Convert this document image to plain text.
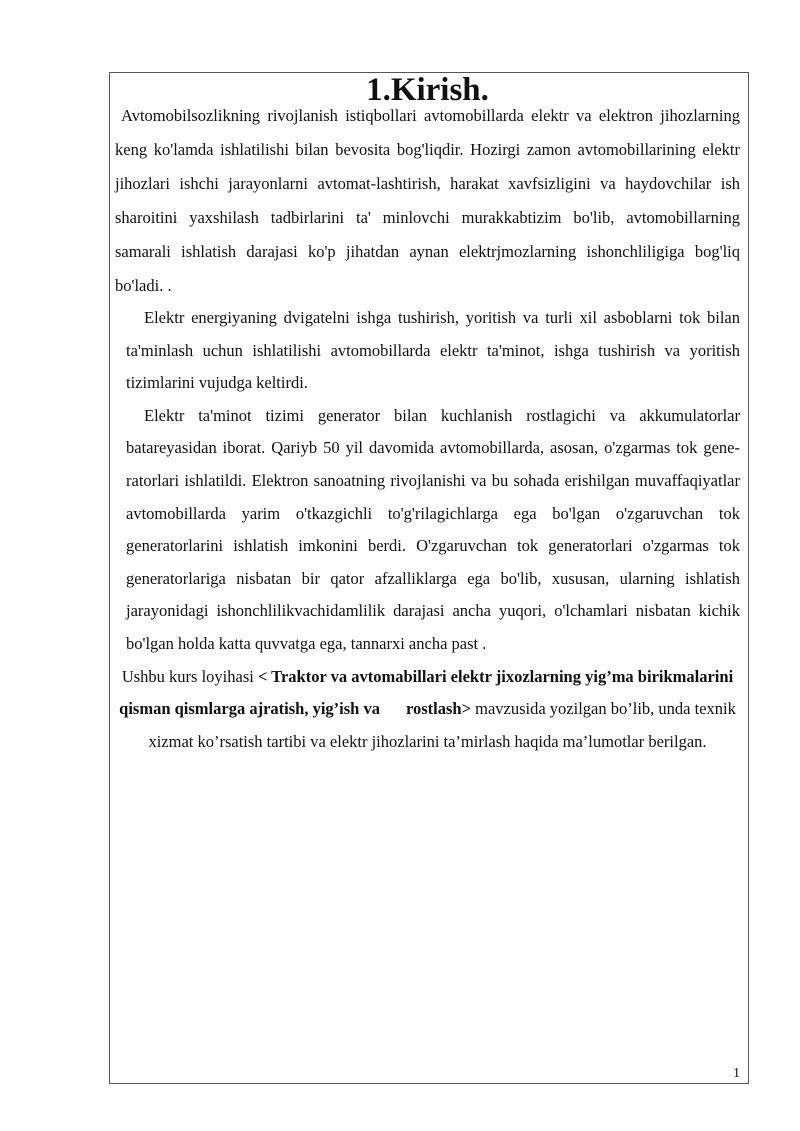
1.Kirish.

Avtomobilsozlikning rivojlanish istiqbollari avtomobillarda elektr va elektron jihozlarning keng ko'lamda ishlatilishi bilan bevosita bog'liqdir. Hozirgi zamon avtomobillarining elektr jihozlari ishchi jarayonlarni avtomat-lashtirish, harakat xavfsizligini va haydovchilar ish sharoitini yaxshilash tadbirlarini ta' minlovchi murakkabtizim bo'lib, avtomobillarning samarali ishlatish darajasi ko'p jihatdan aynan elektrjmozlarning ishonchliligiga bog'liq bo'ladi. .

Elektr energiyaning dvigatelni ishga tushirish, yoritish va turli xil asboblarni tok bilan ta'minlash uchun ishlatilishi avtomobillarda elektr ta'minot, ishga tushirish va yoritish tizimlarini vujudga keltirdi.

Elektr ta'minot tizimi generator bilan kuchlanish rostlagichi va akkumulatorlar batareyasidan iborat. Qariyb 50 yil davomida avtomobillarda, asosan, o'zgarmas tok gene-ratorlari ishlatildi. Elektron sanoatning rivojlanishi va bu sohada erishilgan muvaffaqiyatlar avtomobillarda yarim o'tkazgichli to'g'rilagichlarga ega bo'lgan o'zgaruvchan tok generatorlarini ishlatish imkonini berdi. O'zgaruvchan tok generatorlari o'zgarmas tok generatorlariga nisbatan bir qator afzalliklarga ega bo'lib, xususan, ularning ishlatish jarayonidagi ishonchlilikvachidamlilik darajasi ancha yuqori, o'lchamlari nisbatan kichik bo'lgan holda katta quvvatga ega, tannarxi ancha past .

Ushbu kurs loyihasi < Traktor va avtomabillari elektr jixozlarning yig’ma birikmalarini qisman qismlarga ajratish, yig’ish va rostlash> mavzusida yozilgan bo’lib, unda texnik xizmat ko’rsatish tartibi va elektr jihozlarini ta’mirlash haqida ma’lumotlar berilgan.

1
